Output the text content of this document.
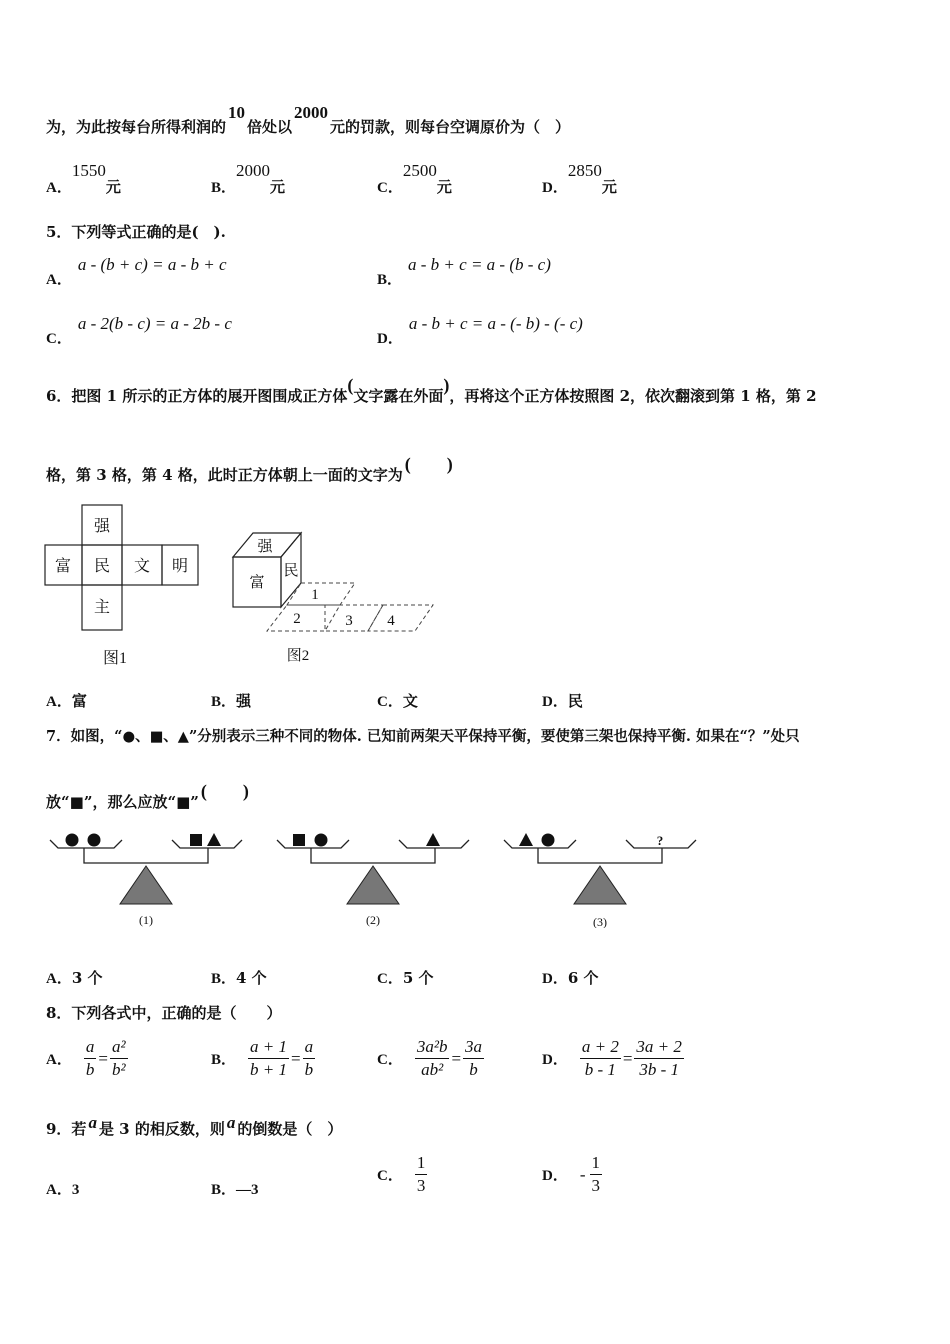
为，为此按每台所得利润的10倍处以2000元的罚款，则每台空调原价为（　）
A．1550元	B．2000元	C．2500元	D．2850元
5．下列等式正确的是(　).
A．a - (b + c) = a - b + c
B．a - b + c = a - (b - c)
C．a - 2(b - c) = a - 2b - c
D．a - b + c = a - (- b) - (- c)
6．把图 1 所示的正方体的展开图围成正方体(文字露在外面)，再将这个正方体按照图 2，依次翻滚到第 1 格，第 2
格，第 3 格，第 4 格，此时正方体朝上一面的文字为(　　)
强
富 民 文 明
主
图1
强
富
民
1
2	3 4
图2
A．富	B．强	C．文	D．民
7．如图，“●、■、▲”分别表示三种不同的物体. 已知前两架天平保持平衡，要使第三架也保持平衡. 如果在“？”处只
放“■”，那么应放“■”(　　)
(1)	(2)
?
(3)
A．3 个	B．4 个	C．5 个	D．6 个
8．下列各式中，正确的是（　　）
A． $\frac{a}{b} = \frac{\text{a²}}{\text{b²}}$	B． $\frac{a + 1}{b + 1} = \frac{a}{b}$	C． $\frac{\text{3a²b}}{\text{ab²}} = \frac{3a}{b}$	D． $\frac{a + 2}{b - 1} = \frac{3a + 2}{3b - 1}$
9．若 a 是 3 的相反数，则 a 的倒数是（　）
A．3	B．—3
C． $\frac{1}{3}$	D． - $\frac{1}{3}$
